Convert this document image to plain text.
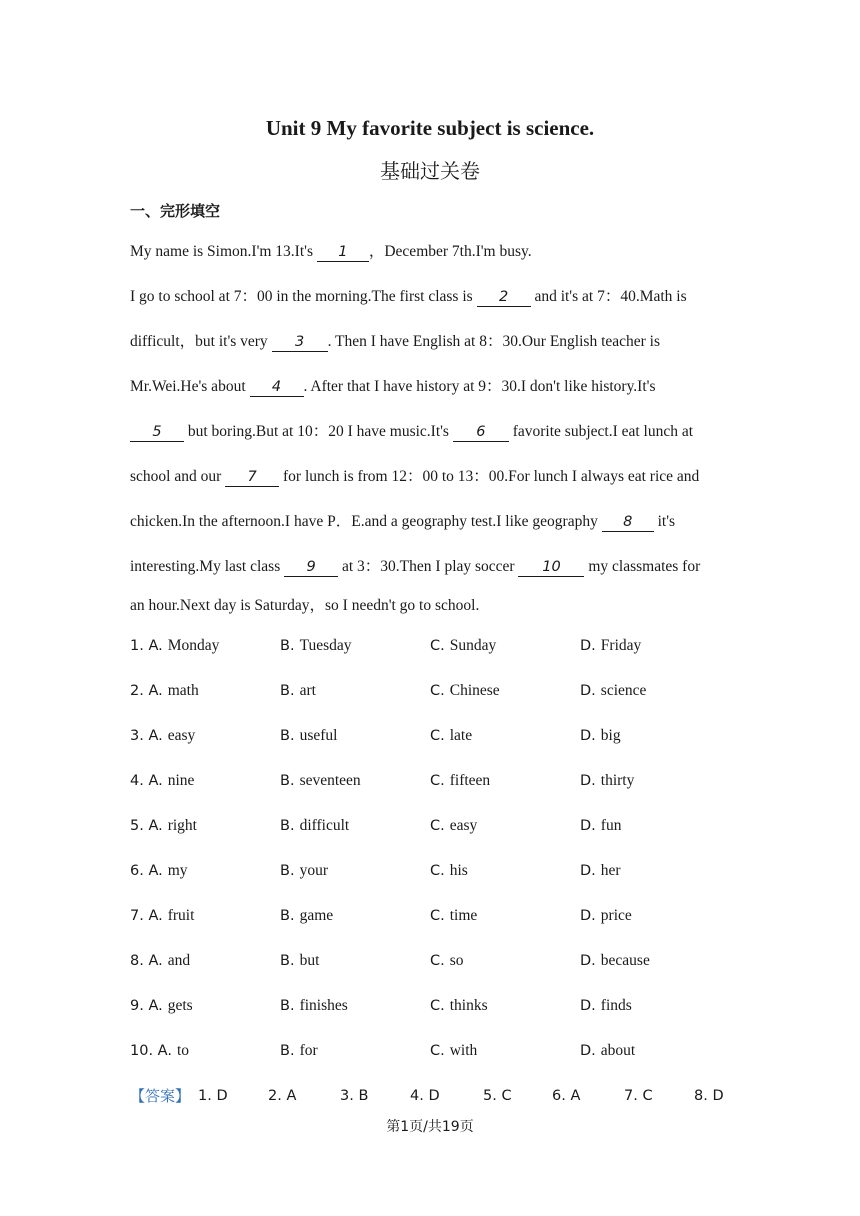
Unit 9 My favorite subject is science.
基础过关卷
一、完形填空
My name is Simon.I'm 13.It's 1 ，December 7th.I'm busy.
I go to school at 7：00 in the morning.The first class is 2 and it's at 7：40.Math is
difficult，but it's very 3 . Then I have English at 8：30.Our English teacher is
Mr.Wei.He's about 4 . After that I have history at 9：30.I don't like history.It's
5 but boring.But at 10：20 I have music.It's 6 favorite subject.I eat lunch at
school and our 7 for lunch is from 12：00 to 13：00.For lunch I always eat rice and
chicken.In the afternoon.I have P．E.and a geography test.I like geography 8 it's
interesting.My last class 9 at 3：30.Then I play soccer 10 my classmates for
an hour.Next day is Saturday，so I needn't go to school.
1. A. Monday	B. Tuesday	C. Sunday	D. Friday
2. A. math	B. art	C. Chinese	D. science
3. A. easy	B. useful	C. late	D. big
4. A. nine	B. seventeen	C. fifteen	D. thirty
5. A. right	B. difficult	C. easy	D. fun
6. A. my	B. your	C. his	D. her
7. A. fruit	B. game	C. time	D. price
8. A. and	B. but	C. so	D. because
9. A. gets	B. finishes	C. thinks	D. finds
10. A. to	B. for	C. with	D. about
【答案】 1. D	2. A	3. B	4. D	5. C	6. A	7. C	8. D
第1页/共19页
